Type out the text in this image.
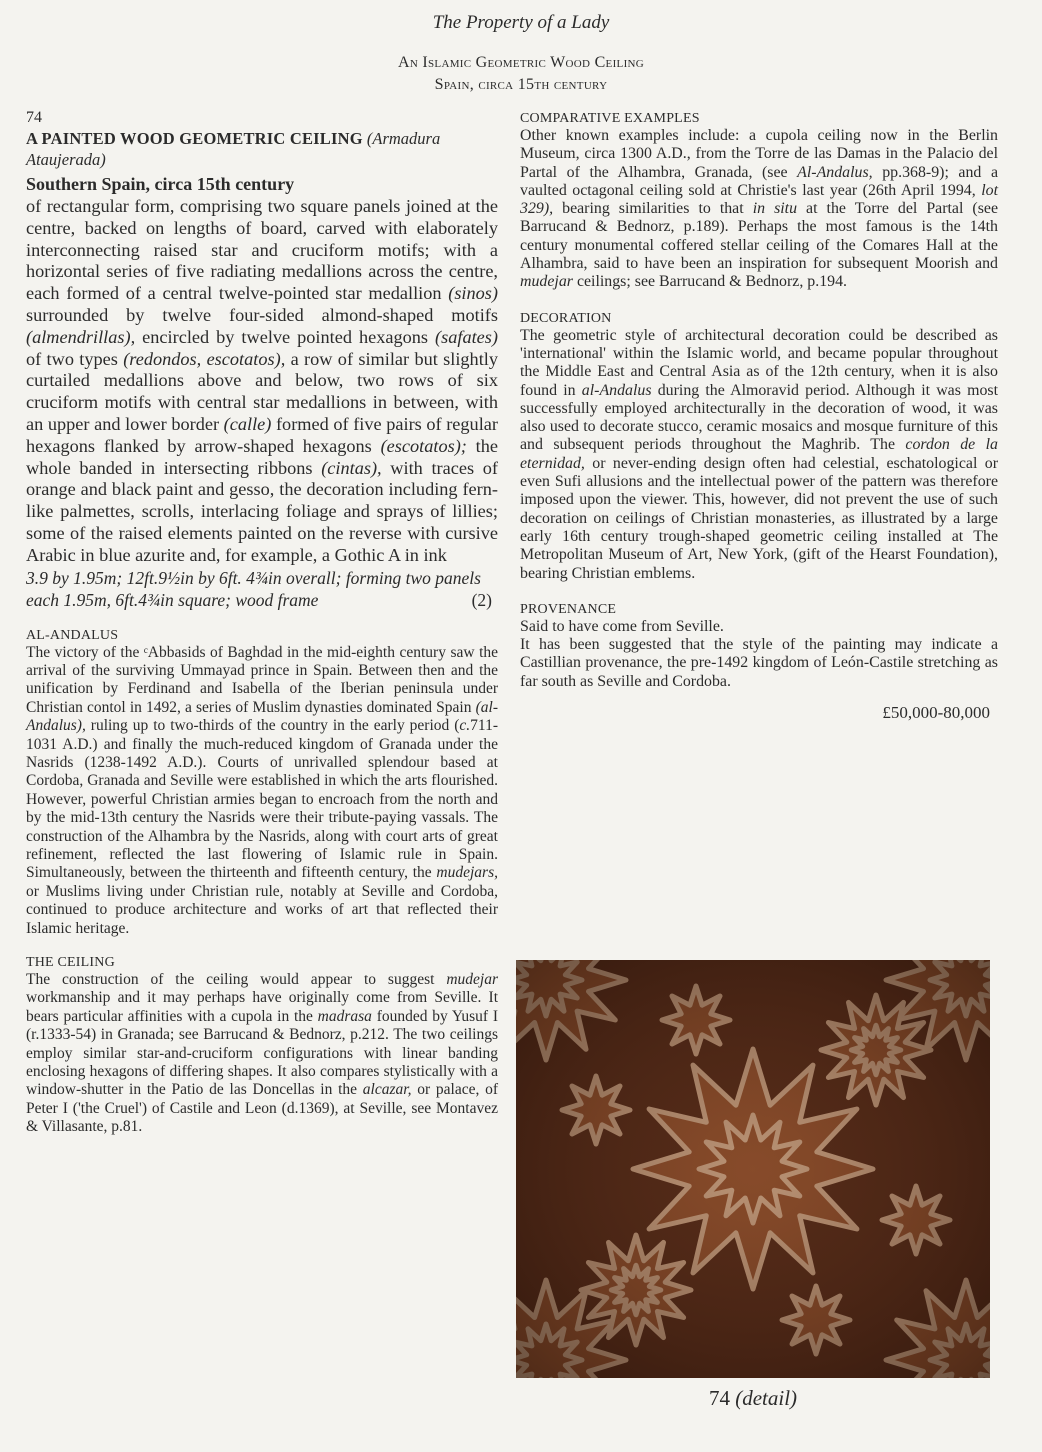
The Property of a Lady
An Islamic Geometric Wood Ceiling
Spain, circa 15th century
74
A PAINTED WOOD GEOMETRIC CEILING (Armadura Ataujerada)
Southern Spain, circa 15th century
of rectangular form, comprising two square panels joined at the centre, backed on lengths of board, carved with elaborately interconnecting raised star and cruciform motifs; with a horizontal series of five radiating medallions across the centre, each formed of a central twelve-pointed star medallion (sinos) surrounded by twelve four-sided almond-shaped motifs (almendrillas), encircled by twelve pointed hexagons (safates) of two types (redondos, escotatos), a row of similar but slightly curtailed medallions above and below, two rows of six cruciform motifs with central star medallions in between, with an upper and lower border (calle) formed of five pairs of regular hexagons flanked by arrow-shaped hexagons (escotatos); the whole banded in intersecting ribbons (cintas), with traces of orange and black paint and gesso, the decoration including fern-like palmettes, scrolls, interlacing foliage and sprays of lillies; some of the raised elements painted on the reverse with cursive Arabic in blue azurite and, for example, a Gothic A in ink
3.9 by 1.95m; 12ft.9½in by 6ft. 4¾in overall; forming two panels each 1.95m, 6ft.4¾in square; wood frame	(2)
AL-ANDALUS
The victory of the ᶜAbbasids of Baghdad in the mid-eighth century saw the arrival of the surviving Ummayad prince in Spain. Between then and the unification by Ferdinand and Isabella of the Iberian peninsula under Christian contol in 1492, a series of Muslim dynasties dominated Spain (al-Andalus), ruling up to two-thirds of the country in the early period (c.711-1031 A.D.) and finally the much-reduced kingdom of Granada under the Nasrids (1238-1492 A.D.). Courts of unrivalled splendour based at Cordoba, Granada and Seville were established in which the arts flourished. However, powerful Christian armies began to encroach from the north and by the mid-13th century the Nasrids were their tribute-paying vassals. The construction of the Alhambra by the Nasrids, along with court arts of great refinement, reflected the last flowering of Islamic rule in Spain. Simultaneously, between the thirteenth and fifteenth century, the mudejars, or Muslims living under Christian rule, notably at Seville and Cordoba, continued to produce architecture and works of art that reflected their Islamic heritage.
THE CEILING
The construction of the ceiling would appear to suggest mudejar workmanship and it may perhaps have originally come from Seville. It bears particular affinities with a cupola in the madrasa founded by Yusuf I (r.1333-54) in Granada; see Barrucand & Bednorz, p.212. The two ceilings employ similar star-and-cruciform configurations with linear banding enclosing hexagons of differing shapes. It also compares stylistically with a window-shutter in the Patio de las Doncellas in the alcazar, or palace, of Peter I ('the Cruel') of Castile and Leon (d.1369), at Seville, see Montavez & Villasante, p.81.
COMPARATIVE EXAMPLES
Other known examples include: a cupola ceiling now in the Berlin Museum, circa 1300 A.D., from the Torre de las Damas in the Palacio del Partal of the Alhambra, Granada, (see Al-Andalus, pp.368-9); and a vaulted octagonal ceiling sold at Christie's last year (26th April 1994, lot 329), bearing similarities to that in situ at the Torre del Partal (see Barrucand & Bednorz, p.189). Perhaps the most famous is the 14th century monumental coffered stellar ceiling of the Comares Hall at the Alhambra, said to have been an inspiration for subsequent Moorish and mudejar ceilings; see Barrucand & Bednorz, p.194.
DECORATION
The geometric style of architectural decoration could be described as 'international' within the Islamic world, and became popular throughout the Middle East and Central Asia as of the 12th century, when it is also found in al-Andalus during the Almoravid period. Although it was most successfully employed architecturally in the decoration of wood, it was also used to decorate stucco, ceramic mosaics and mosque furniture of this and subsequent periods throughout the Maghrib. The cordon de la eternidad, or never-ending design often had celestial, eschatological or even Sufi allusions and the intellectual power of the pattern was therefore imposed upon the viewer. This, however, did not prevent the use of such decoration on ceilings of Christian monasteries, as illustrated by a large early 16th century trough-shaped geometric ceiling installed at The Metropolitan Museum of Art, New York, (gift of the Hearst Foundation), bearing Christian emblems.
PROVENANCE
Said to have come from Seville.
It has been suggested that the style of the painting may indicate a Castillian provenance, the pre-1492 kingdom of León-Castile stretching as far south as Seville and Cordoba.
£50,000-80,000
74 (detail)
